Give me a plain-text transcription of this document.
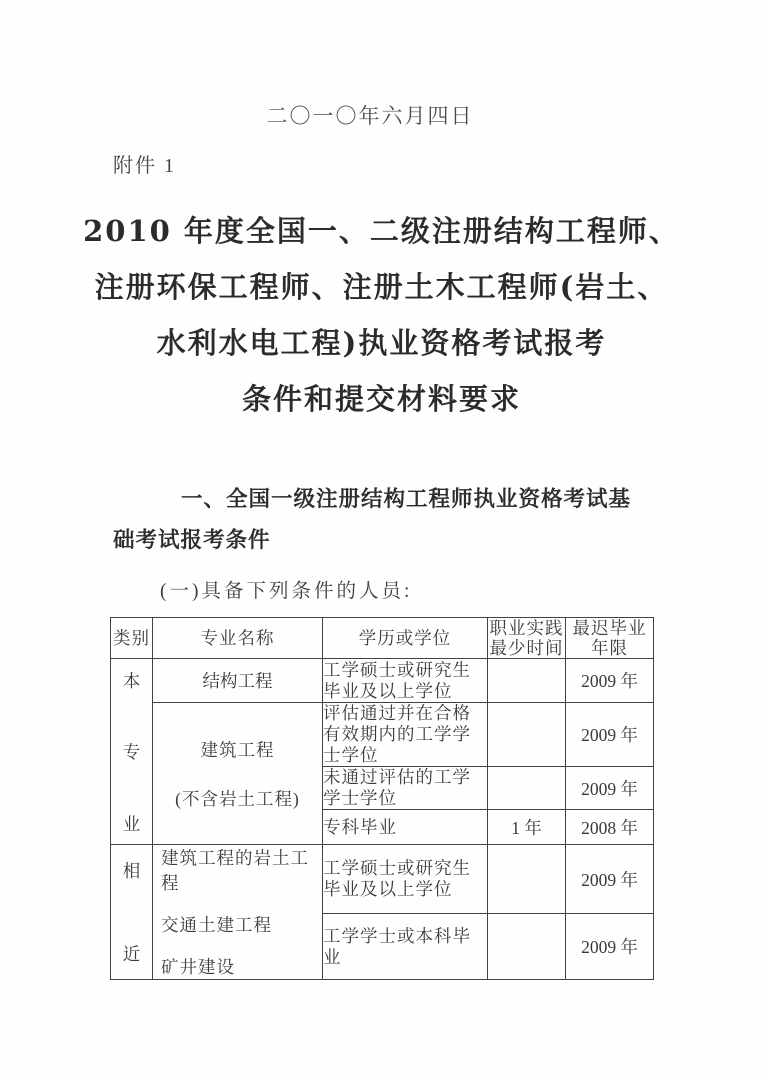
二〇一〇年六月四日
附件 1
2010 年度全国一、二级注册结构工程师、
注册环保工程师、注册土木工程师(岩土、
水利水电工程)执业资格考试报考
条件和提交材料要求
一、全国一级注册结构工程师执业资格考试基础考试报考条件
(一)具备下列条件的人员:
类别	专业名称	学历或学位	职业实践
最少时间	最迟毕业
年限

本
专
业	结构工程	工学硕士或研究生毕业及以上学位		2009 年

	建筑工程
(不含岩土工程)	评估通过并在合格有效期内的工学学士学位		2009 年
		未通过评估的工学学士学位		2009 年
		专科毕业	1 年	2008 年

相
近	建筑工程的岩土工程
交通土建工程
矿井建设	工学硕士或研究生毕业及以上学位		2009 年
		工学学士或本科毕业		2009 年
